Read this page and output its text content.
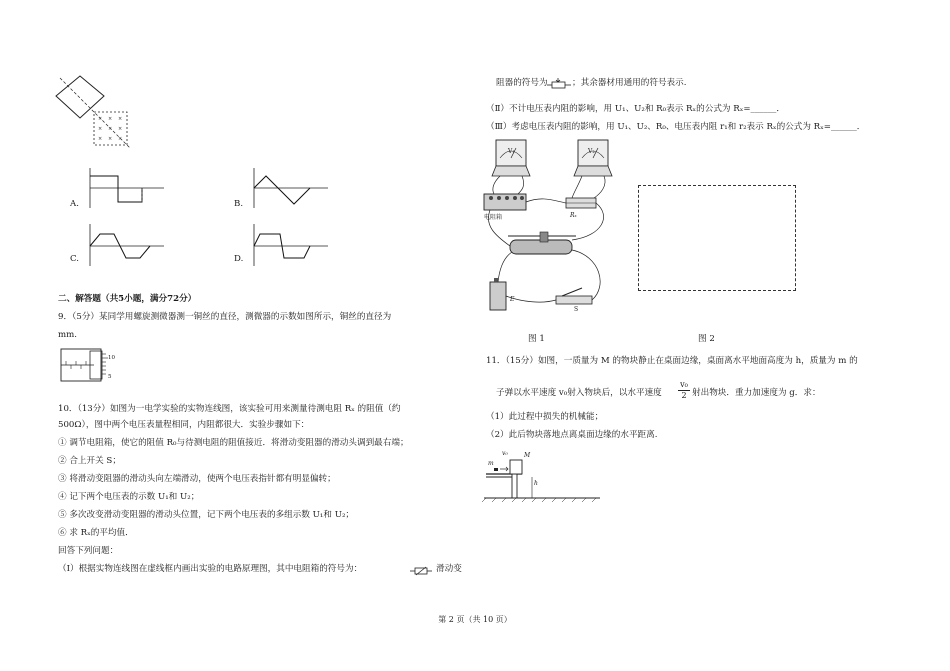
× × ×
× × ×
× × ×
A.	B.
C.	D.
二、解答题（共5小题，满分72分）
9．（5分）某同学用螺旋测微器测一铜丝的直径，测微器的示数如图所示，铜丝的直径为
mm.
10
5
10．（13分）如图为一电学实验的实物连线图，该实验可用来测量待测电阻 Rₓ 的阻值（约
500Ω），图中两个电压表量程相同，内阻都很大．实验步骤如下：
① 调节电阻箱，使它的阻值 R₀与待测电阻的阻值接近．将滑动变阻器的滑动头调到最右端；
② 合上开关 S；
③ 将滑动变阻器的滑动头向左端滑动，使两个电压表指针都有明显偏转；
④ 记下两个电压表的示数 U₁和 U₂；
⑤ 多次改变滑动变阻器的滑动头位置，记下两个电压表的多组示数 U₁和 U₂；
⑥ 求 Rₓ的平均值．
回答下列问题：
（Ⅰ）根据实物连线图在虚线框内画出实验的电路原理图，其中电阻箱的符号为：	滑动变
阻器的符号为	；其余器材用通用的符号表示.
（Ⅱ）不计电压表内阻的影响，用 U₁、U₂和 R₀表示 Rₓ的公式为 Rₓ=______．
（Ⅲ）考虑电压表内阻的影响，用 U₁、U₂、R₀、电压表内阻 r₁和 r₂表示 Rₓ的公式为 Rₓ=______．
V₁	V₂
电阻箱	Rₓ
E
S
图 1	图 2
11．（15分）如图，一质量为 M 的物块静止在桌面边缘，桌面离水平地面高度为 h，质量为 m 的
子弹以水平速度 v₀射入物块后，以水平速度 $\frac{\text{v₀}}{2}$ 射出物块．重力加速度为 g．求：
（1）此过程中损失的机械能；
（2）此后物块落地点离桌面边缘的水平距离.
m
v₀	M
h
第 2 页（共 10 页）
